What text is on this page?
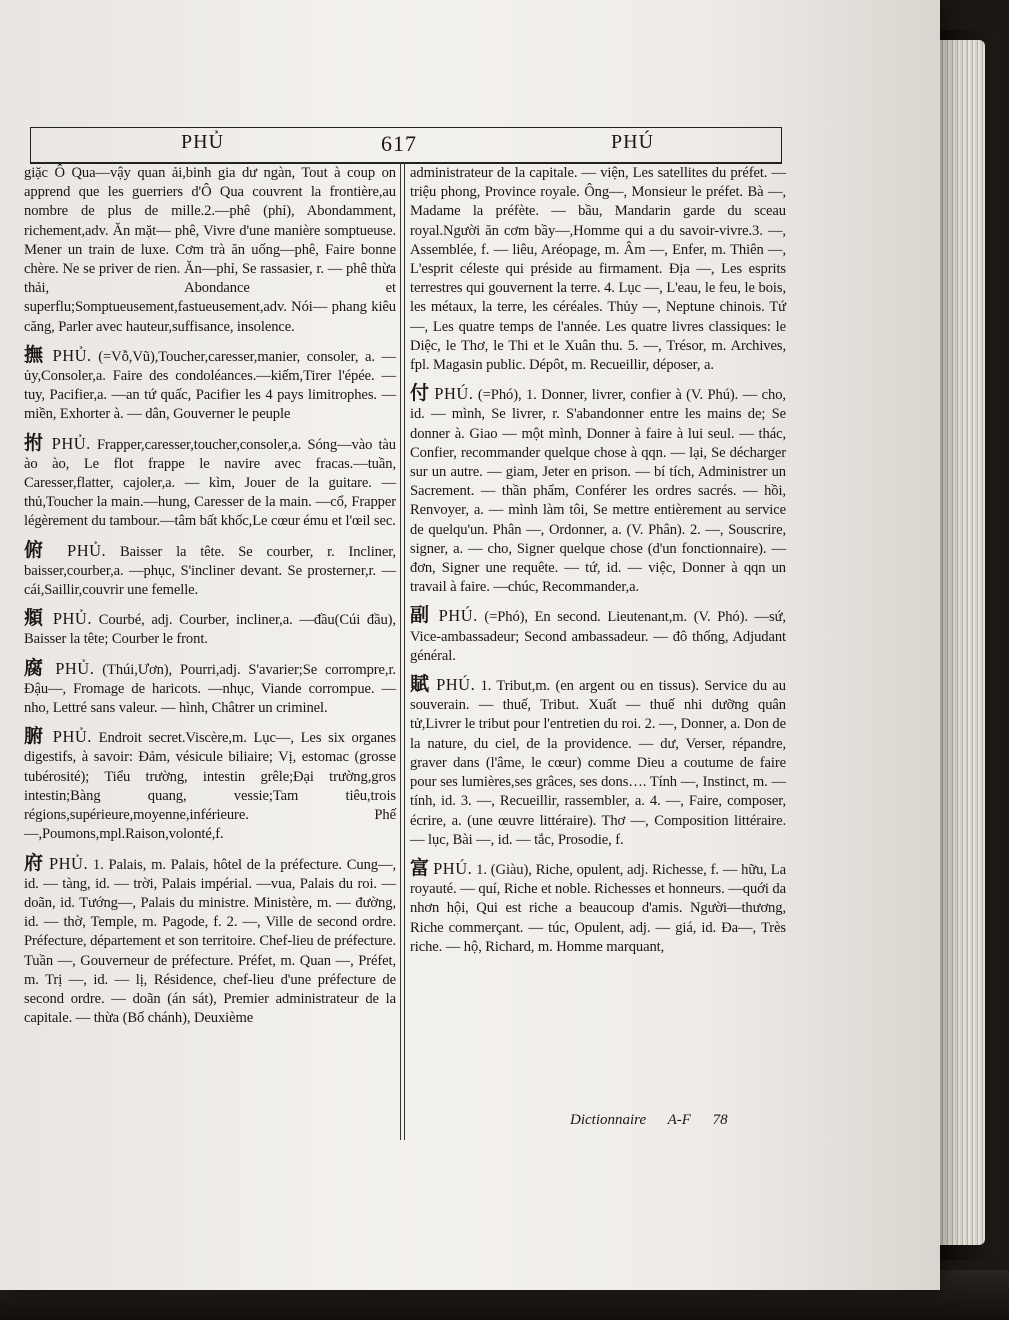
PHỦ	617	PHÚ

giặc Ô Qua—vậy quan ải,binh gia dư ngàn, Tout à coup on apprend que les guerriers d'Ô Qua couvrent la frontière,au nombre de plus de mille.2.—phê (phỉ), Abondamment, richement,adv. Ăn mặt— phê, Vivre d'une manière somptueuse. Mener un train de luxe. Cơm trà ăn uống—phê, Faire bonne chère. Ne se priver de rien. Ăn—phỉ, Se rassasier, r. — phê thừa thải, Abondance et superflu;Somptueusement,fastueusement,adv. Nói— phang kiêu căng, Parler avec hauteur,suffisance, insolence.

撫 PHỦ. (=Vỗ,Vũ),Toucher,caresser,manier, consoler, a. —ủy,Consoler,a. Faire des condoléances.—kiếm,Tirer l'épée. —tuy, Pacifier,a. —an tứ quấc, Pacifier les 4 pays limitrophes. —miền, Exhorter à. — dân, Gouverner le peuple

拊 PHỦ. Frapper,caresser,toucher,consoler,a. Sóng—vào tàu ào ào, Le flot frappe le navire avec fracas.—tuần, Caresser,flatter, cajoler,a. — kìm, Jouer de la guitare. —thủ,Toucher la main.—hung, Caresser de la main. —cổ, Frapper légèrement du tambour.—tâm bất khốc,Le cœur ému et l'œil sec.

俯 PHỦ. Baisser la tête. Se courber, r. Incliner, baisser,courber,a. —phục, S'incliner devant. Se prosterner,r. — cái,Saillir,couvrir une femelle.

頫 PHỦ. Courbé, adj. Courber, incliner,a. —đầu(Cúi đầu), Baisser la tête; Courber le front.

腐 PHỦ. (Thúi,Ươn), Pourri,adj. S'avarier;Se corrompre,r. Đậu—, Fromage de haricots. —nhục, Viande corrompue. — nho, Lettré sans valeur. — hình, Châtrer un criminel.

腑 PHỦ. Endroit secret.Viscère,m. Lục—, Les six organes digestifs, à savoir: Đảm, vésicule biliaire; Vị, estomac (grosse tubérosité); Tiểu trường, intestin grêle;Đại trường,gros intestin;Bàng quang, vessie;Tam tiêu,trois régions,supérieure,moyenne,inférieure. Phế—,Poumons,mpl.Raison,volonté,f.

府 PHỦ. 1. Palais, m. Palais, hôtel de la préfecture. Cung—, id. — tàng, id. — trời, Palais impérial. —vua, Palais du roi. —doãn, id. Tướng—, Palais du ministre. Ministère, m. — đường, id. — thờ, Temple, m. Pagode, f. 2. —, Ville de second ordre. Préfecture, département et son territoire. Chef-lieu de préfecture. Tuần —, Gouverneur de préfecture. Préfet, m. Quan —, Préfet, m. Trị —, id. — lị, Résidence, chef-lieu d'une préfecture de second ordre. — doãn (án sát), Premier administrateur de la capitale. — thừa (Bố chánh), Deuxième

administrateur de la capitale. — viện, Les satellites du préfet. — triệu phong, Province royale. Ông—, Monsieur le préfet. Bà —, Madame la préfète. — bầu, Mandarin garde du sceau royal.Người ăn cơm bầy—,Homme qui a du savoir-vivre.3. —, Assemblée, f. — liêu, Aréopage, m. Âm —, Enfer, m. Thiên —, L'esprit céleste qui préside au firmament. Địa —, Les esprits terrestres qui gouvernent la terre. 4. Lục —, L'eau, le feu, le bois, les métaux, la terre, les céréales. Thủy —, Neptune chinois. Tứ—, Les quatre temps de l'année. Les quatre livres classiques: le Diệc, le Thơ, le Thi et le Xuân thu. 5. —, Trésor, m. Archives, fpl. Magasin public. Dépôt, m. Recueillir, déposer, a.

付 PHÚ. (=Phó), 1. Donner, livrer, confier à (V. Phú). — cho, id. — mình, Se livrer, r. S'abandonner entre les mains de; Se donner à. Giao — một mình, Donner à faire à lui seul. — thác, Confier, recommander quelque chose à qqn. — lại, Se décharger sur un autre. — giam, Jeter en prison. — bí tích, Administrer un Sacrement. — thần phẩm, Conférer les ordres sacrés. — hồi, Renvoyer, a. — mình làm tôi, Se mettre entièrement au service de quelqu'un. Phân —, Ordonner, a. (V. Phân). 2. —, Souscrire, signer, a. — cho, Signer quelque chose (d'un fonctionnaire). — đơn, Signer une requête. — tứ, id. — việc, Donner à qqn un travail à faire. —chúc, Recommander,a.

副 PHÚ. (=Phó), En second. Lieutenant,m. (V. Phó). —sứ, Vice-ambassadeur; Second ambassadeur. — đô thống, Adjudant général.

賦 PHÚ. 1. Tribut,m. (en argent ou en tissus). Service du au souverain. — thuế, Tribut. Xuất — thuế nhi dưỡng quân tử,Livrer le tribut pour l'entretien du roi. 2. —, Donner, a. Don de la nature, du ciel, de la providence. — dư, Verser, répandre, graver dans (l'âme, le cœur) comme Dieu a coutume de faire pour ses lumières,ses grâces, ses dons…. Tính —, Instinct, m. — tính, id. 3. —, Recueillir, rassembler, a. 4. —, Faire, composer, écrire, a. (une œuvre littéraire). Thơ —, Composition littéraire. — lục, Bài —, id. — tắc, Prosodie, f.

富 PHÚ. 1. (Giàu), Riche, opulent, adj. Richesse, f. — hữu, La royauté. — quí, Riche et noble. Richesses et honneurs. —quới da nhơn hội, Qui est riche a beaucoup d'amis. Người—thương, Riche commerçant. — túc, Opulent, adj. — giá, id. Đa—, Très riche. — hộ, Richard, m. Homme marquant,

Dictionnaire A-F 78
